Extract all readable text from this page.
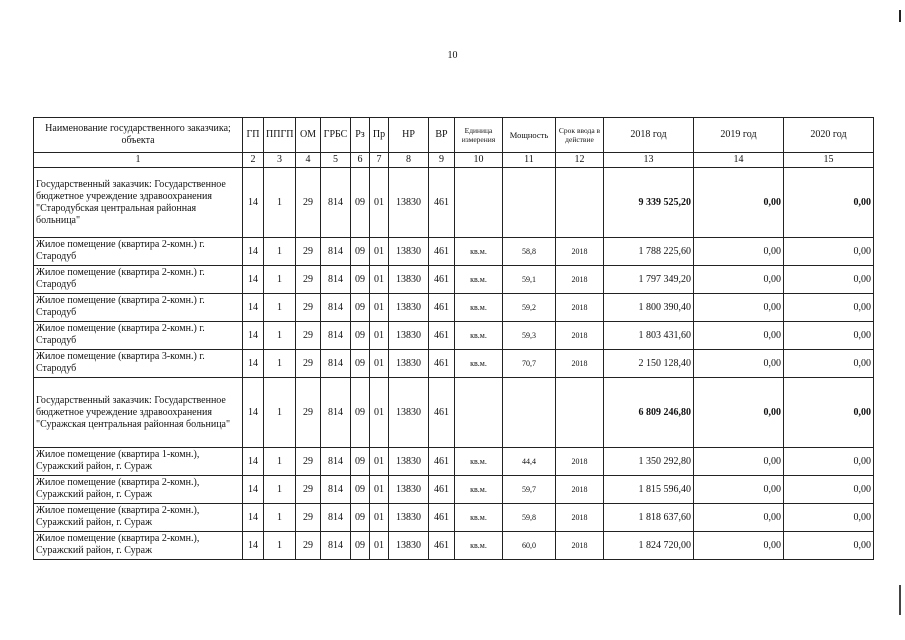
10
Наименование государственного заказчика; объекта	ГП	ППГП	ОМ	ГРБС	Рз	Пр	НР	ВР	Единица измерения	Мощность	Срок ввода в действие	2018 год	2019 год	2020 год
1	2	3	4	5	6	7	8	9	10	11	12	13	14	15
Государственный заказчик: Государственное бюджетное учреждение здравоохранения "Стародубская центральная районная больница"	14	1	29	814	09	01	13830	461				9 339 525,20	0,00	0,00
Жилое помещение (квартира 2-комн.) г. Стародуб	14	1	29	814	09	01	13830	461	кв.м.	58,8	2018	1 788 225,60	0,00	0,00
Жилое помещение (квартира 2-комн.) г. Стародуб	14	1	29	814	09	01	13830	461	кв.м.	59,1	2018	1 797 349,20	0,00	0,00
Жилое помещение (квартира 2-комн.) г. Стародуб	14	1	29	814	09	01	13830	461	кв.м.	59,2	2018	1 800 390,40	0,00	0,00
Жилое помещение (квартира 2-комн.) г. Стародуб	14	1	29	814	09	01	13830	461	кв.м.	59,3	2018	1 803 431,60	0,00	0,00
Жилое помещение (квартира 3-комн.) г. Стародуб	14	1	29	814	09	01	13830	461	кв.м.	70,7	2018	2 150 128,40	0,00	0,00
Государственный заказчик: Государственное бюджетное учреждение здравоохранения "Суражская центральная районная больница"	14	1	29	814	09	01	13830	461				6 809 246,80	0,00	0,00
Жилое помещение (квартира 1-комн.), Суражский район, г. Сураж	14	1	29	814	09	01	13830	461	кв.м.	44,4	2018	1 350 292,80	0,00	0,00
Жилое помещение (квартира 2-комн.), Суражский район, г. Сураж	14	1	29	814	09	01	13830	461	кв.м.	59,7	2018	1 815 596,40	0,00	0,00
Жилое помещение (квартира 2-комн.), Суражский район, г. Сураж	14	1	29	814	09	01	13830	461	кв.м.	59,8	2018	1 818 637,60	0,00	0,00
Жилое помещение (квартира 2-комн.), Суражский район, г. Сураж	14	1	29	814	09	01	13830	461	кв.м.	60,0	2018	1 824 720,00	0,00	0,00
